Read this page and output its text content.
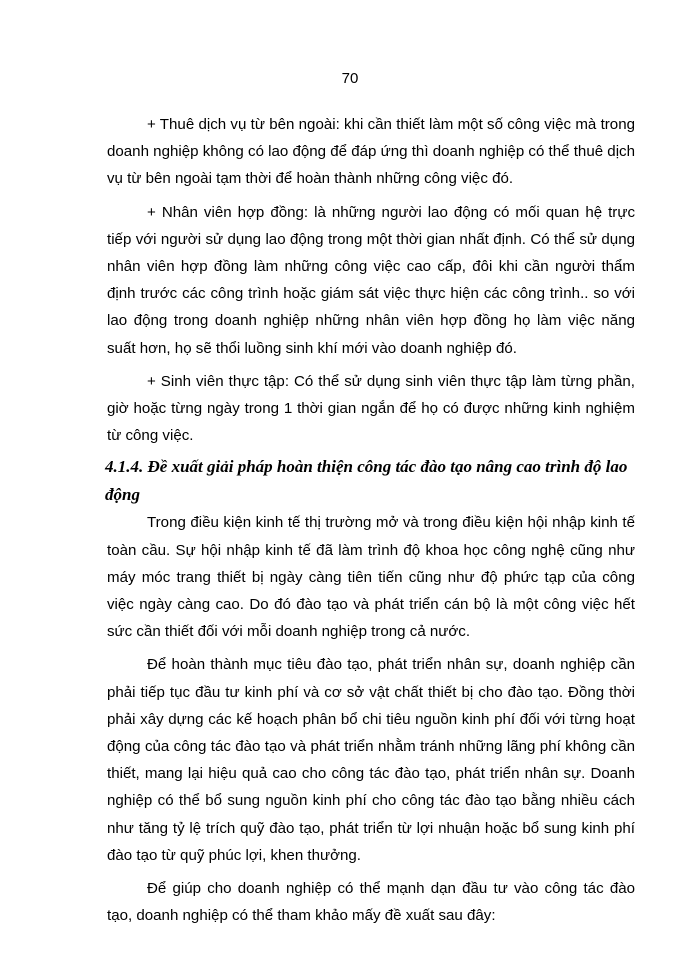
70

+ Thuê dịch vụ từ bên ngoài: khi cần thiết làm một số công việc mà trong doanh nghiệp không có lao động để đáp ứng thì doanh nghiệp có thể thuê dịch vụ từ bên ngoài tạm thời để hoàn thành những công việc đó.

+ Nhân viên hợp đồng: là những người lao động có mối quan hệ trực tiếp với người sử dụng lao động trong một thời gian nhất định. Có thể sử dụng nhân viên hợp đồng làm những công việc cao cấp, đôi khi cần người thẩm định trước các công trình hoặc giám sát việc thực hiện các công trình.. so với lao động trong doanh nghiệp những nhân viên hợp đồng họ làm việc năng suất hơn, họ sẽ thổi luồng sinh khí mới vào doanh nghiệp đó.

+ Sinh viên thực tập: Có thể sử dụng sinh viên thực tập làm từng phần, giờ hoặc từng ngày trong 1 thời gian ngắn để họ có được những kinh nghiệm từ công việc.

4.1.4. Đề xuất giải pháp hoàn thiện công tác đào tạo nâng cao trình độ lao động

Trong điều kiện kinh tế thị trường mở và trong điều kiện hội nhập kinh tế toàn cầu. Sự hội nhập kinh tế đã làm trình độ khoa học công nghệ cũng như máy móc trang thiết bị ngày càng tiên tiến cũng như độ phức tạp của công việc ngày càng cao. Do đó đào tạo và phát triển cán bộ là một công việc hết sức cần thiết đối với mỗi doanh nghiệp trong cả nước.

Để hoàn thành mục tiêu đào tạo, phát triển nhân sự, doanh nghiệp cần phải tiếp tục đầu tư kinh phí và cơ sở vật chất thiết bị cho đào tạo. Đồng thời phải xây dựng các kế hoạch phân bổ chi tiêu nguồn kinh phí đối với từng hoạt động của công tác đào tạo và phát triển nhằm tránh những lãng phí không cần thiết, mang lại hiệu quả cao cho công tác đào tạo, phát triển nhân sự. Doanh nghiệp có thể bổ sung nguồn kinh phí cho công tác đào tạo bằng nhiều cách như tăng tỷ lệ trích quỹ đào tạo, phát triển từ lợi nhuận hoặc bổ sung kinh phí đào tạo từ quỹ phúc lợi, khen thưởng.

Để giúp cho doanh nghiệp có thể mạnh dạn đầu tư vào công tác đào tạo, doanh nghiệp có thể tham khảo mấy đề xuất sau đây:
